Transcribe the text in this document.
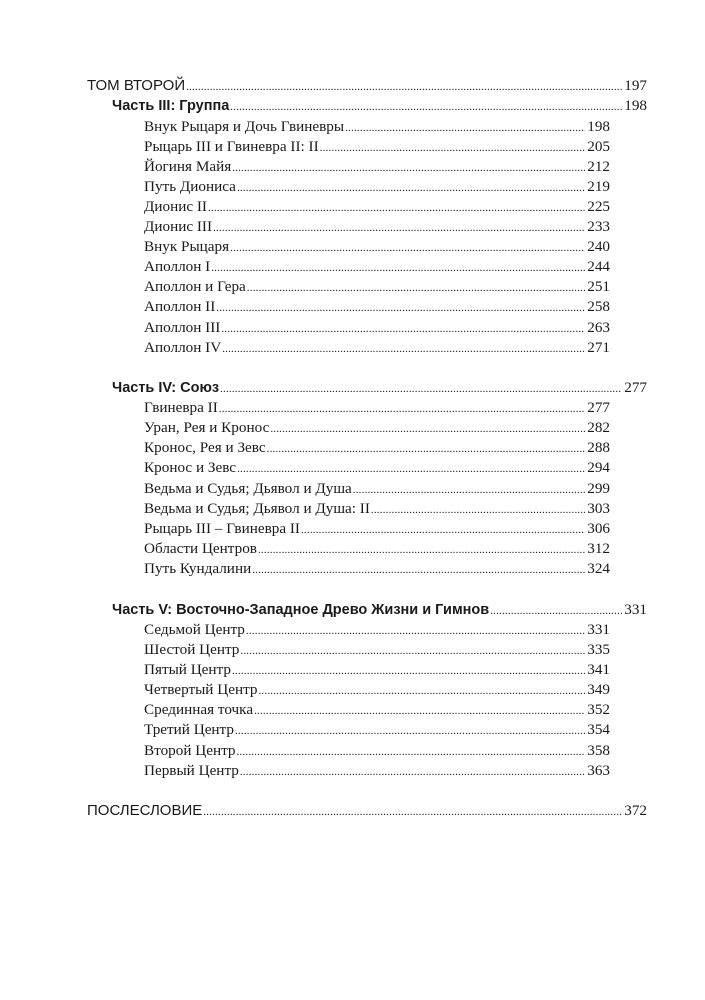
ТОМ ВТОРОЙ .....	197
Часть III: Группа .....	198
Внук Рыцаря и Дочь Гвиневры .....	198
Рыцарь III и Гвиневра II: II .....	205
Йогиня Майя .....	212
Путь Диониса .....	219
Дионис II .....	225
Дионис III .....	233
Внук Рыцаря .....	240
Аполлон I .....	244
Аполлон и Гера .....	251
Аполлон II .....	258
Аполлон III .....	263
Аполлон IV .....	271
Часть IV: Союз .....	277
Гвиневра II .....	277
Уран, Рея и Кронос .....	282
Кронос, Рея и Зевс .....	288
Кронос и Зевс .....	294
Ведьма и Судья; Дьявол и Душа .....	299
Ведьма и Судья; Дьявол и Душа: II .....	303
Рыцарь III – Гвиневра II .....	306
Области Центров .....	312
Путь Кундалини .....	324
Часть V: Восточно-Западное Древо Жизни и Гимнов .....	331
Седьмой Центр .....	331
Шестой Центр .....	335
Пятый Центр .....	341
Четвертый Центр .....	349
Срединная точка .....	352
Третий Центр .....	354
Второй Центр .....	358
Первый Центр .....	363
ПОСЛЕСЛОВИЕ .....	372
